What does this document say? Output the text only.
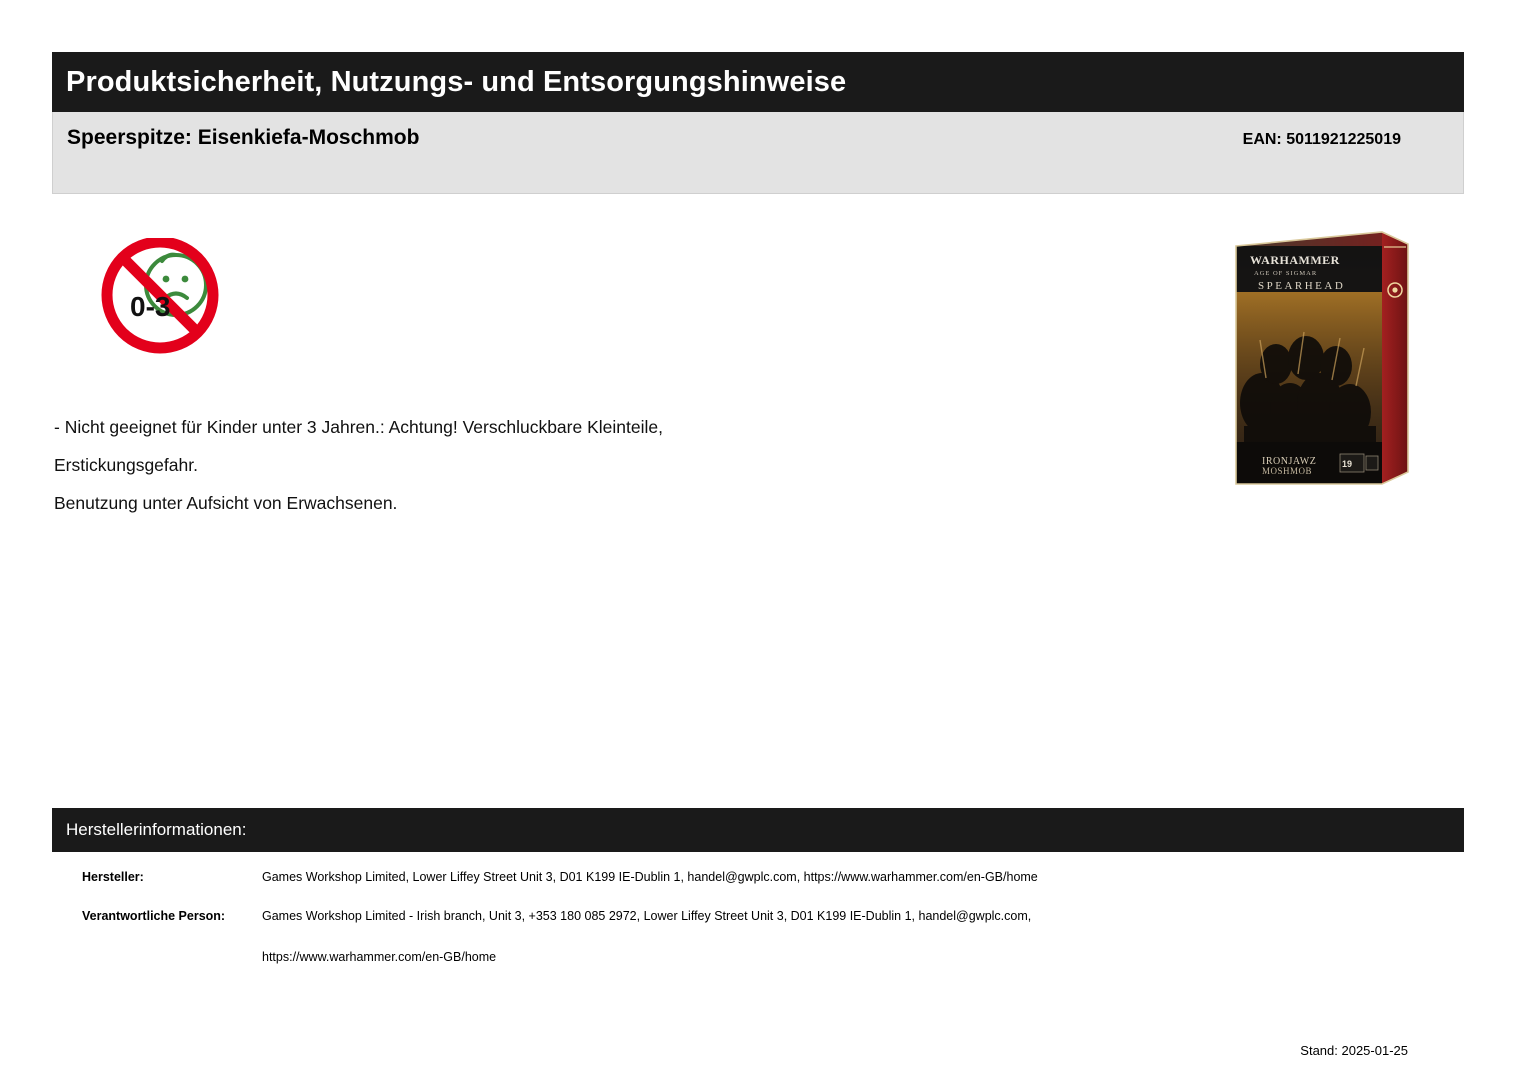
Produktsicherheit, Nutzungs- und Entsorgungshinweise
Speerspitze: Eisenkiefa-Moschmob	EAN: 5011921225019
0-3
- Nicht geeignet für Kinder unter 3 Jahren.: Achtung! Verschluckbare Kleinteile,
Erstickungsgefahr.
Benutzung unter Aufsicht von Erwachsenen.
WARHAMMER
AGE OF SIGMAR
SPEARHEAD
IRONJAWZ
MOSHMOB
19
Herstellerinformationen:
Hersteller:	Games Workshop Limited, Lower Liffey Street Unit 3, D01 K199 IE-Dublin 1, handel@gwplc.com, https://www.warhammer.com/en-GB/home
Verantwortliche Person:	Games Workshop Limited - Irish branch, Unit 3, +353 180 085 2972, Lower Liffey Street Unit 3, D01 K199 IE-Dublin 1, handel@gwplc.com,
https://www.warhammer.com/en-GB/home
Stand: 2025-01-25
